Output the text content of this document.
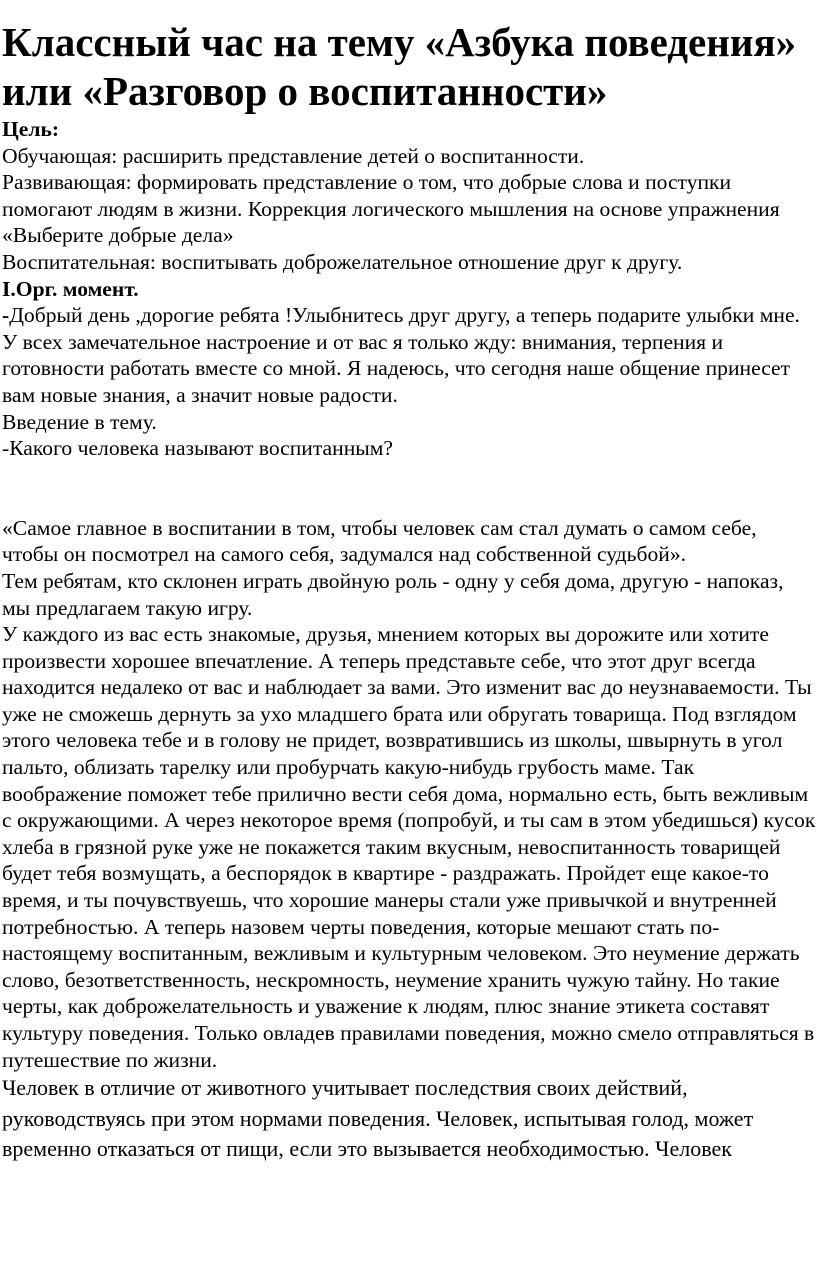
Классный час на тему «Азбука поведения»
или «Разговор о воспитанности»

Цель:

Обучающая: расширить представление детей о воспитанности.

Развивающая: формировать представление о том, что добрые слова и поступки помогают людям в жизни. Коррекция логического мышления на основе упражнения «Выберите добрые дела»

Воспитательная: воспитывать доброжелательное отношение друг к другу.

I.Орг. момент.

-Добрый день ,дорогие ребята !Улыбнитесь друг другу, а теперь подарите улыбки мне. У всех замечательное настроение и от вас я только жду: внимания, терпения и готовности работать вместе со мной. Я надеюсь, что сегодня наше общение принесет вам новые знания, а значит новые радости.

Введение в тему.

-Какого человека называют воспитанным?

«Самое главное в воспитании в том, чтобы человек сам стал думать о самом себе, чтобы он посмотрел на самого себя, задумался над собственной судьбой».

Тем ребятам, кто склонен играть двойную роль - одну у себя дома, другую - напоказ, мы предлагаем такую игру.

У каждого из вас есть знакомые, друзья, мнением которых вы дорожите или хотите произвести хорошее впечатление. А теперь представьте себе, что этот друг всегда находится недалеко от вас и наблюдает за вами. Это изменит вас до неузнаваемости. Ты уже не сможешь дернуть за ухо младшего брата или обругать товарища. Под взглядом этого человека тебе и в голову не придет, возвратившись из школы, швырнуть в угол пальто, облизать тарелку или пробурчать какую-нибудь грубость маме. Так воображение поможет тебе прилично вести себя дома, нормально есть, быть вежливым с окружающими. А через некоторое время (попробуй, и ты сам в этом убедишься) кусок хлеба в грязной руке уже не покажется таким вкусным, невоспитанность товарищей будет тебя возмущать, а беспорядок в квартире - раздражать. Пройдет еще какое-то время, и ты почувствуешь, что хорошие манеры стали уже привычкой и внутренней потребностью. А теперь назовем черты поведения, которые мешают стать по-настоящему воспитанным, вежливым и культурным человеком. Это неумение держать слово, безответственность, нескромность, неумение хранить чужую тайну. Но такие черты, как доброжелательность и уважение к людям, плюс знание этикета составят культуру поведения. Только овладев правилами поведения, можно смело отправляться в путешествие по жизни.

Человек в отличие от животного учитывает последствия своих действий, руководствуясь при этом нормами поведения. Человек, испытывая голод, может временно отказаться от пищи, если это вызывается необходимостью. Человек
